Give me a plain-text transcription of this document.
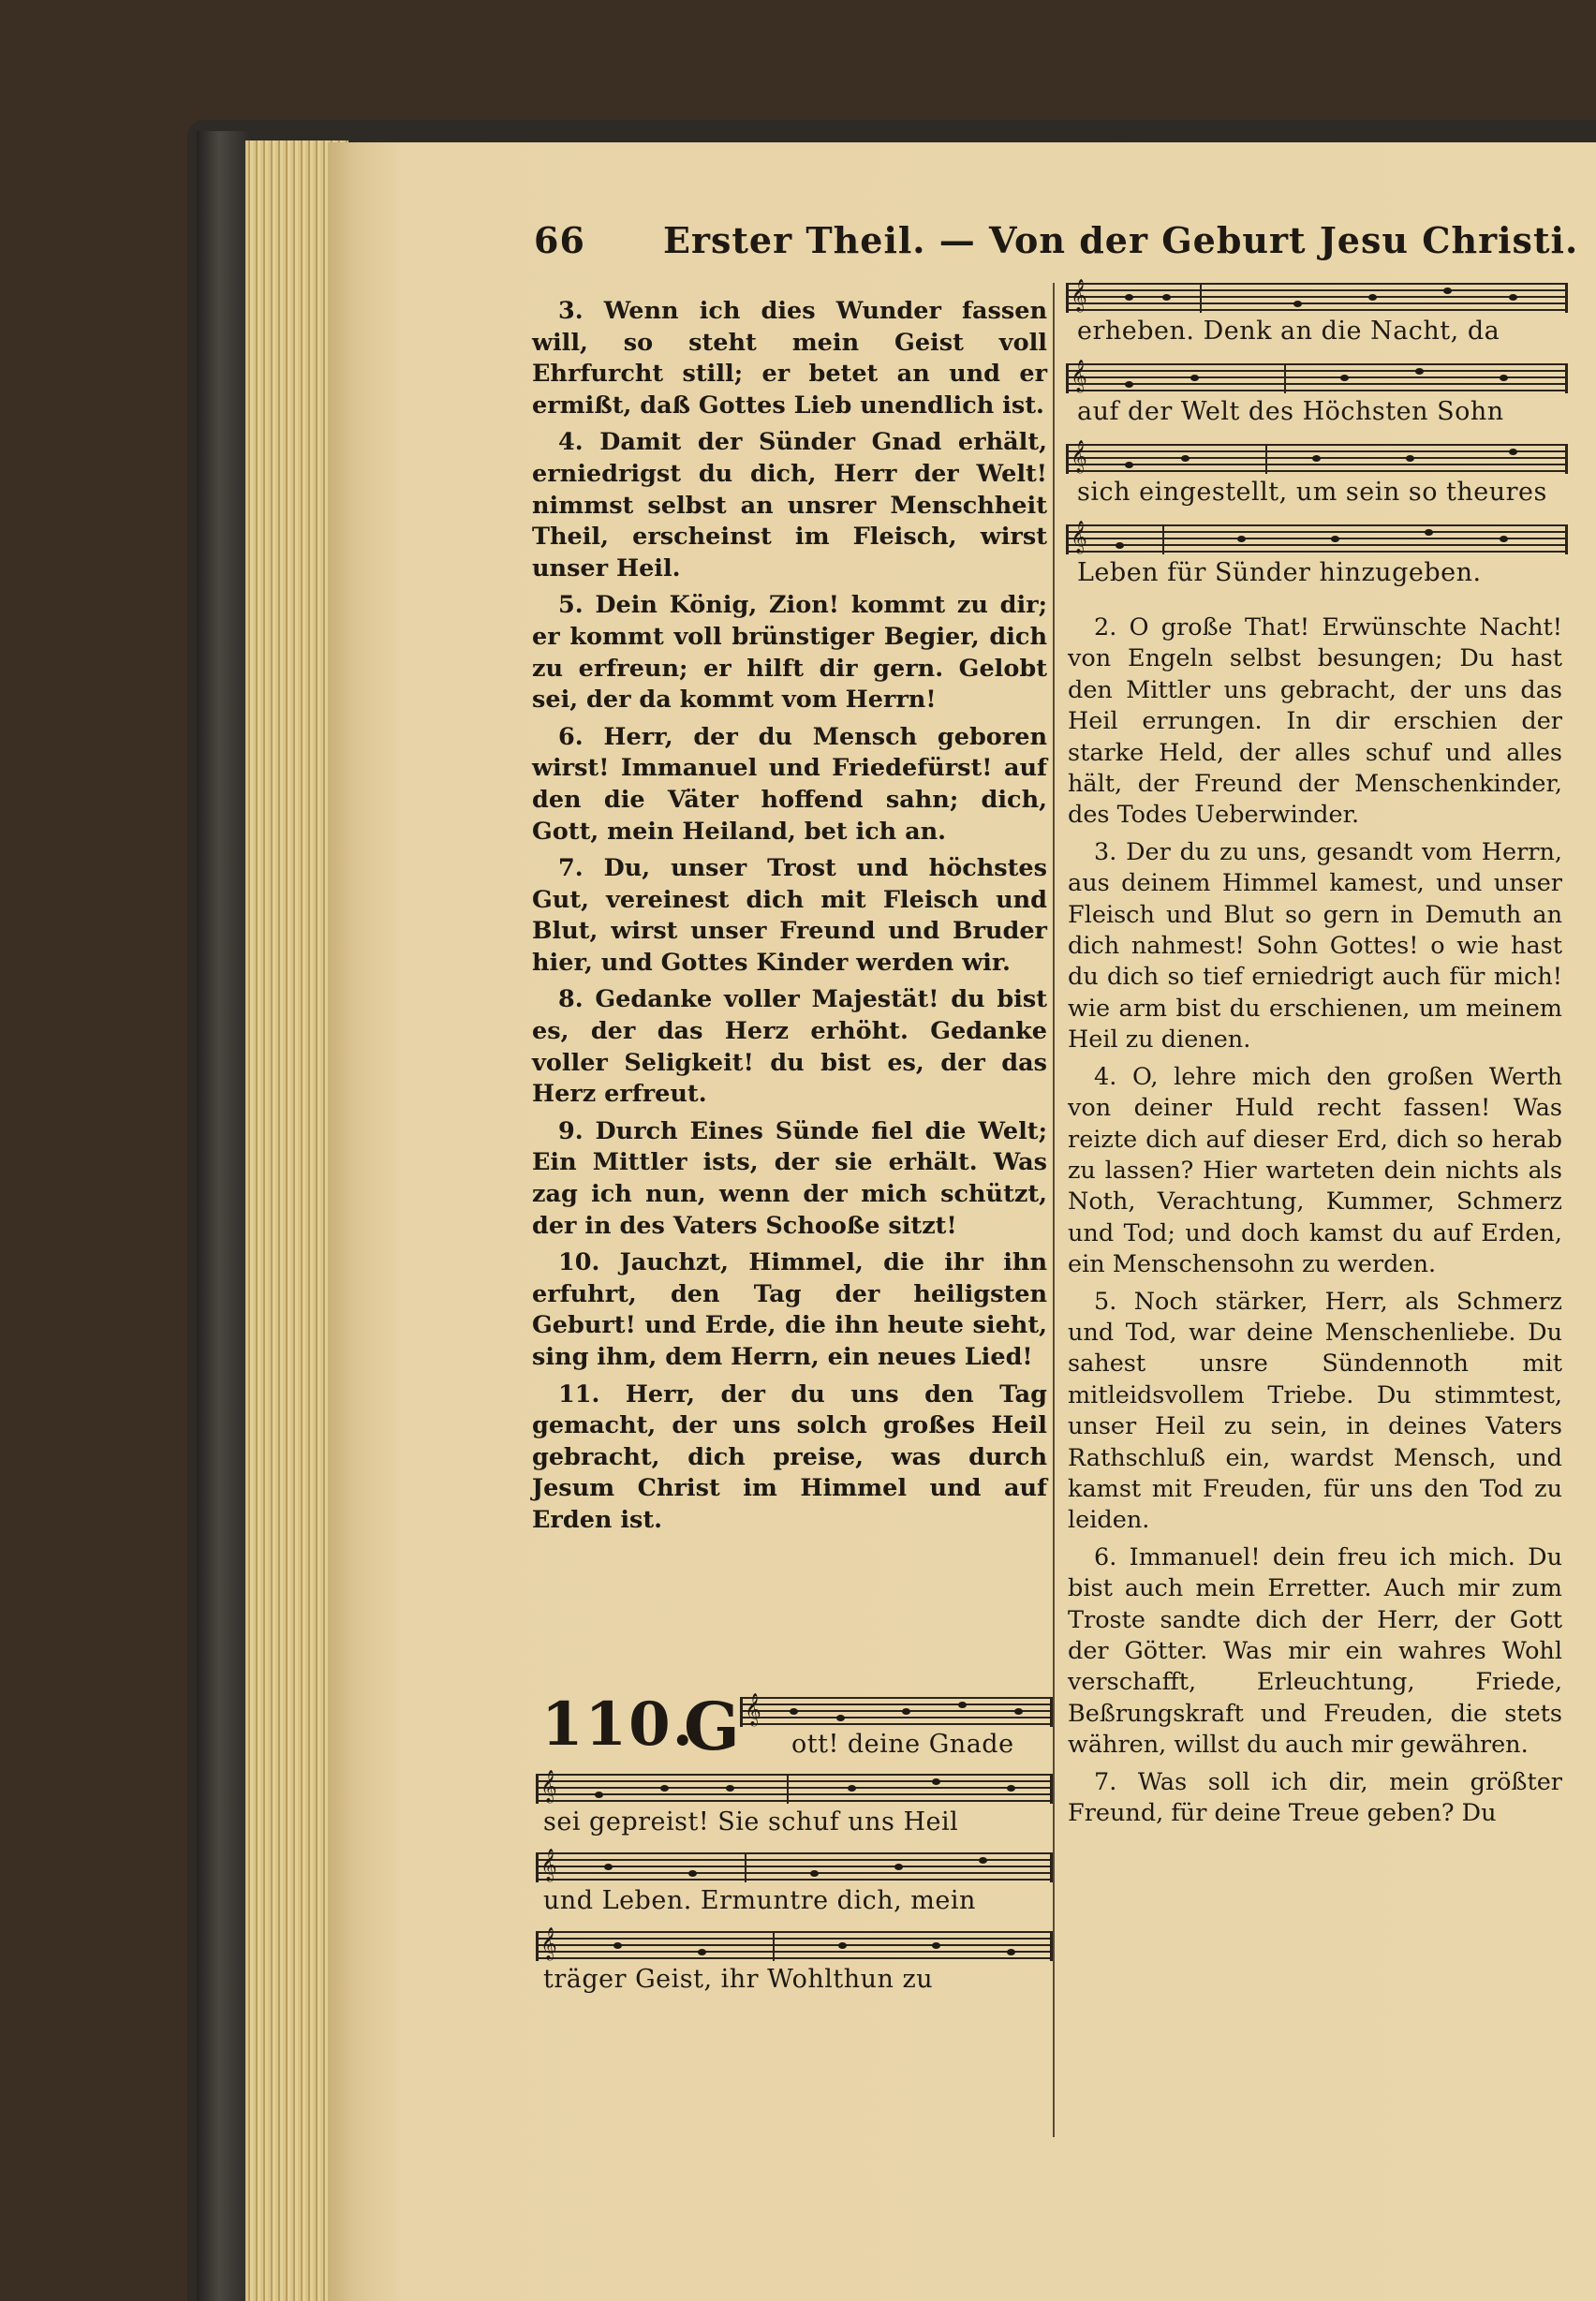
66 Erster Theil. — Von der Geburt Jesu Christi.

3. Wenn ich dies Wunder fassen will, so steht mein Geist voll Ehrfurcht still; er betet an und er ermißt, daß Gottes Lieb unendlich ist.

4. Damit der Sünder Gnad erhält, erniedrigst du dich, Herr der Welt! nimmst selbst an unsrer Menschheit Theil, erscheinst im Fleisch, wirst unser Heil.

5. Dein König, Zion! kommt zu dir; er kommt voll brünstiger Begier, dich zu erfreun; er hilft dir gern. Gelobt sei, der da kommt vom Herrn!

6. Herr, der du Mensch geboren wirst! Immanuel und Friedefürst! auf den die Väter hoffend sahn; dich, Gott, mein Heiland, bet ich an.

7. Du, unser Trost und höchstes Gut, vereinest dich mit Fleisch und Blut, wirst unser Freund und Bruder hier, und Gottes Kinder werden wir.

8. Gedanke voller Majestät! du bist es, der das Herz erhöht. Gedanke voller Seligkeit! du bist es, der das Herz erfreut.

9. Durch Eines Sünde fiel die Welt; Ein Mittler ists, der sie erhält. Was zag ich nun, wenn der mich schützt, der in des Vaters Schooße sitzt!

10. Jauchzt, Himmel, die ihr ihn erfuhrt, den Tag der heiligsten Geburt! und Erde, die ihn heute sieht, sing ihm, dem Herrn, ein neues Lied!

11. Herr, der du uns den Tag gemacht, der uns solch großes Heil gebracht, dich preise, was durch Jesum Christ im Himmel und auf Erden ist.

110.
G 𝄞
ott! deine Gnade
𝄞
sei gepreist! Sie schuf uns Heil
𝄞
und Leben. Ermuntre dich, mein
𝄞
träger Geist, ihr Wohlthun zu
𝄞
erheben. Denk an die Nacht, da
𝄞
auf der Welt des Höchsten Sohn
𝄞
sich eingestellt, um sein so theures
𝄞
Leben für Sünder hinzugeben.

2. O große That! Erwünschte Nacht! von Engeln selbst besungen; Du hast den Mittler uns gebracht, der uns das Heil errungen. In dir erschien der starke Held, der alles schuf und alles hält, der Freund der Menschenkinder, des Todes Ueberwinder.

3. Der du zu uns, gesandt vom Herrn, aus deinem Himmel kamest, und unser Fleisch und Blut so gern in Demuth an dich nahmest! Sohn Gottes! o wie hast du dich so tief erniedrigt auch für mich! wie arm bist du erschienen, um meinem Heil zu dienen.

4. O, lehre mich den großen Werth von deiner Huld recht fassen! Was reizte dich auf dieser Erd, dich so herab zu lassen? Hier warteten dein nichts als Noth, Verachtung, Kummer, Schmerz und Tod; und doch kamst du auf Erden, ein Menschensohn zu werden.

5. Noch stärker, Herr, als Schmerz und Tod, war deine Menschenliebe. Du sahest unsre Sündennoth mit mitleidsvollem Triebe. Du stimmtest, unser Heil zu sein, in deines Vaters Rathschluß ein, wardst Mensch, und kamst mit Freuden, für uns den Tod zu leiden.

6. Immanuel! dein freu ich mich. Du bist auch mein Erretter. Auch mir zum Troste sandte dich der Herr, der Gott der Götter. Was mir ein wahres Wohl verschafft, Erleuchtung, Friede, Beßrungskraft und Freuden, die stets währen, willst du auch mir gewähren.

7. Was soll ich dir, mein größter Freund, für deine Treue geben? Du
